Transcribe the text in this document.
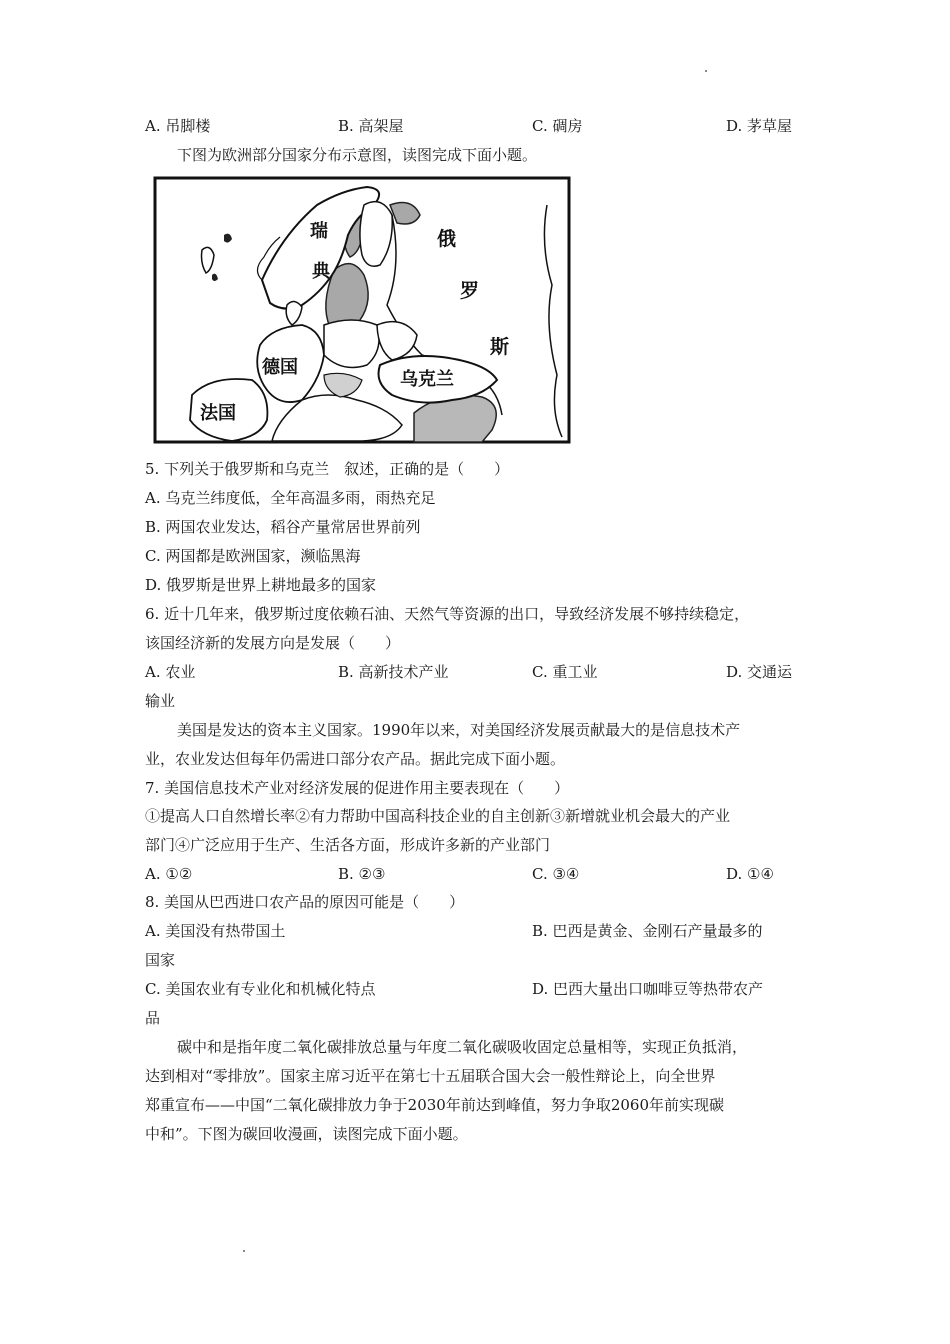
A. 吊脚楼	B. 高架屋	C. 碉房	D. 茅草屋
下图为欧洲部分国家分布示意图，读图完成下面小题。
瑞
典
俄
罗
斯
德国
乌克兰
法国
5. 下列关于俄罗斯和乌克兰　叙述，正确的是（　　）
A. 乌克兰纬度低，全年高温多雨，雨热充足
B. 两国农业发达，稻谷产量常居世界前列
C. 两国都是欧洲国家，濒临黑海
D. 俄罗斯是世界上耕地最多的国家
6. 近十几年来，俄罗斯过度依赖石油、天然气等资源的出口，导致经济发展不够持续稳定，
该国经济新的发展方向是发展（　　）
A. 农业	B. 高新技术产业	C. 重工业	D. 交通运
输业
美国是发达的资本主义国家。1990年以来，对美国经济发展贡献最大的是信息技术产
业，农业发达但每年仍需进口部分农产品。据此完成下面小题。
7. 美国信息技术产业对经济发展的促进作用主要表现在（　　）
①提高人口自然增长率②有力帮助中国高科技企业的自主创新③新增就业机会最大的产业
部门④广泛应用于生产、生活各方面，形成许多新的产业部门
A. ①②	B. ②③	C. ③④	D. ①④
8. 美国从巴西进口农产品的原因可能是（　　）
A. 美国没有热带国土	B. 巴西是黄金、金刚石产量最多的
国家
C. 美国农业有专业化和机械化特点	D. 巴西大量出口咖啡豆等热带农产
品
碳中和是指年度二氧化碳排放总量与年度二氧化碳吸收固定总量相等，实现正负抵消，
达到相对“零排放”。国家主席习近平在第七十五届联合国大会一般性辩论上，向全世界
郑重宣布——中国“二氧化碳排放力争于2030年前达到峰值，努力争取2060年前实现碳
中和”。下图为碳回收漫画，读图完成下面小题。
